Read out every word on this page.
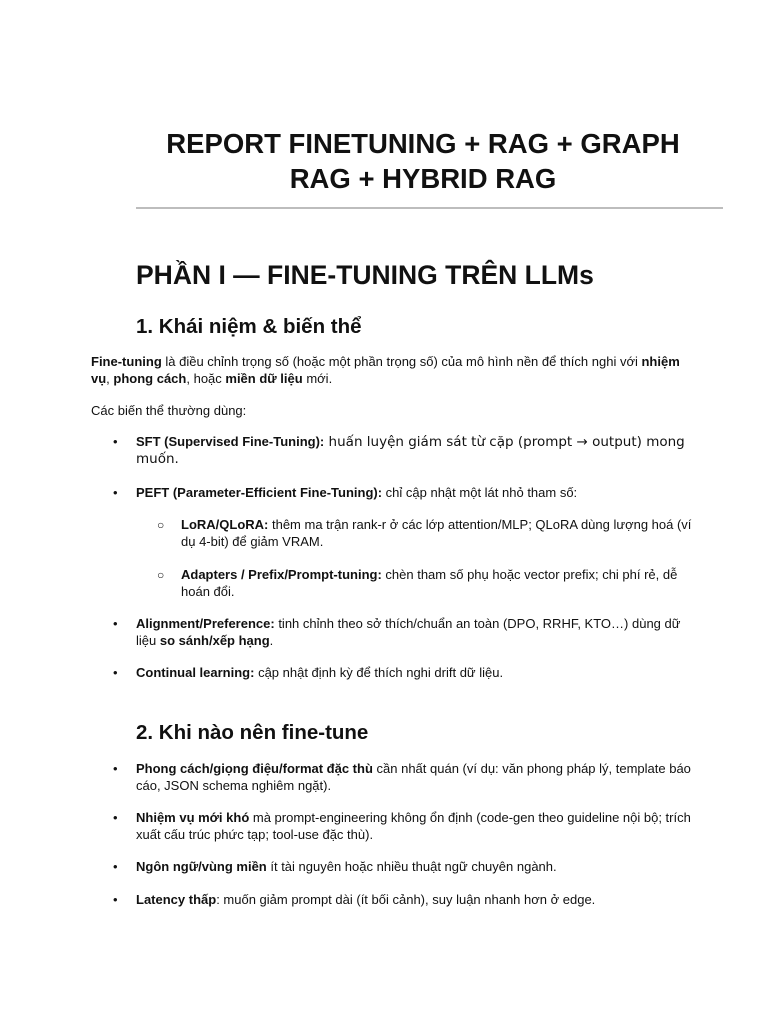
REPORT FINETUNING + RAG + GRAPH
RAG + HYBRID RAG
PHẦN I — FINE-TUNING TRÊN LLMs
1. Khái niệm & biến thể

Fine-tuning là điều chỉnh trọng số (hoặc một phần trọng số) của mô hình nền để thích nghi với nhiệm vụ, phong cách, hoặc miền dữ liệu mới.

Các biến thể thường dùng:

• SFT (Supervised Fine-Tuning): huấn luyện giám sát từ cặp (prompt → output) mong muốn.

• PEFT (Parameter-Efficient Fine-Tuning): chỉ cập nhật một lát nhỏ tham số:

○ LoRA/QLoRA: thêm ma trận rank-r ở các lớp attention/MLP; QLoRA dùng lượng hoá (ví dụ 4-bit) để giảm VRAM.

○ Adapters / Prefix/Prompt-tuning: chèn tham số phụ hoặc vector prefix; chi phí rẻ, dễ hoán đổi.

• Alignment/Preference: tinh chỉnh theo sở thích/chuẩn an toàn (DPO, RRHF, KTO…) dùng dữ liệu so sánh/xếp hạng.

• Continual learning: cập nhật định kỳ để thích nghi drift dữ liệu.

2. Khi nào nên fine-tune
• Phong cách/giọng điệu/format đặc thù cần nhất quán (ví dụ: văn phong pháp lý, template báo cáo, JSON schema nghiêm ngặt).

• Nhiệm vụ mới khó mà prompt-engineering không ổn định (code-gen theo guideline nội bộ; trích xuất cấu trúc phức tạp; tool-use đặc thù).

• Ngôn ngữ/vùng miền ít tài nguyên hoặc nhiều thuật ngữ chuyên ngành.

• Latency thấp: muốn giảm prompt dài (ít bối cảnh), suy luận nhanh hơn ở edge.
